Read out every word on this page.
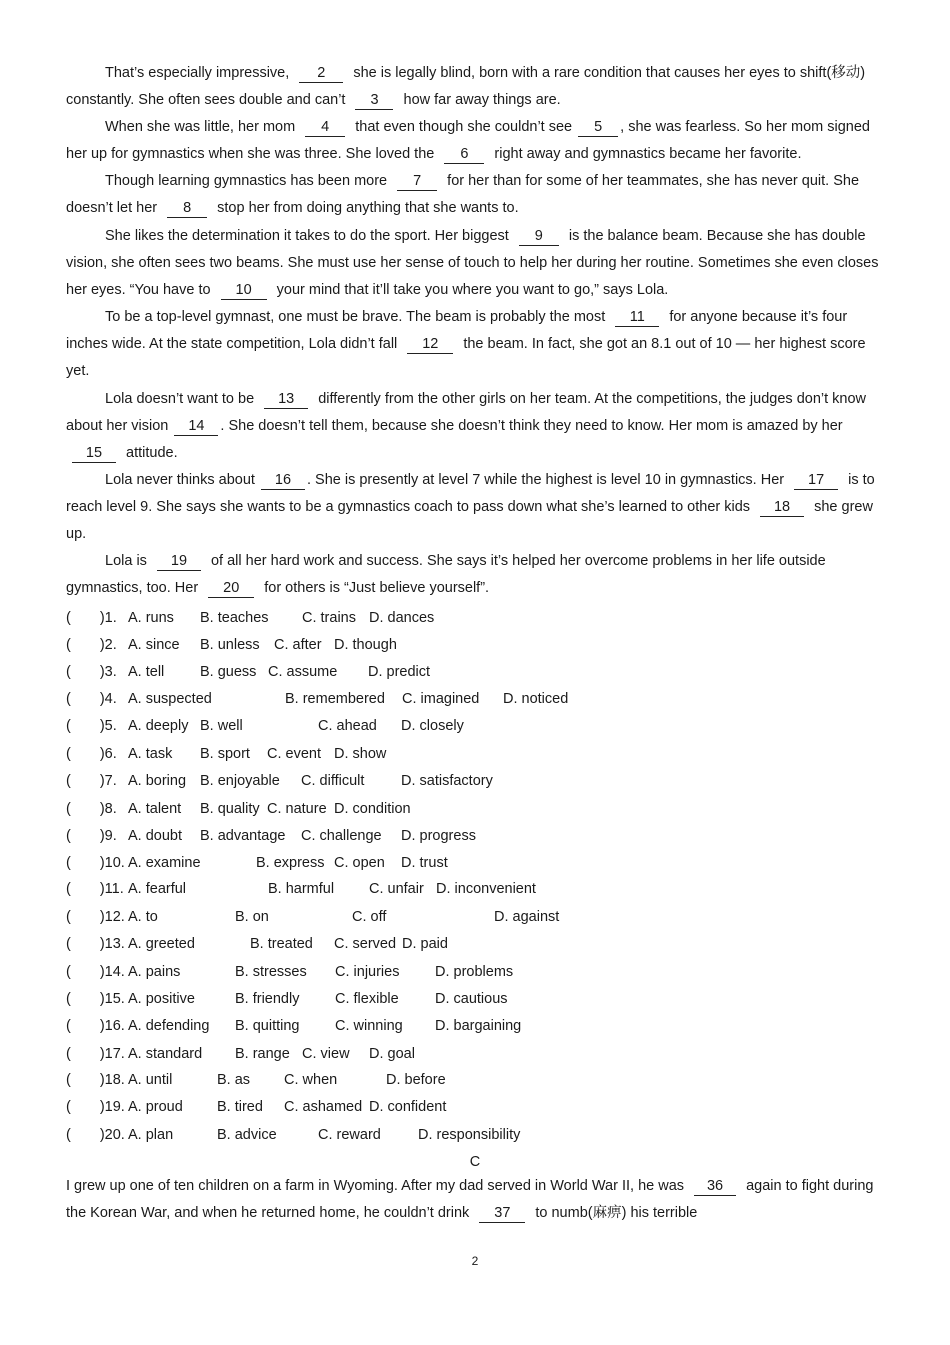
That’s especially impressive, 2 she is legally blind, born with a rare condition that causes her eyes to shift(移动) constantly. She often sees double and can’t 3 how far away things are.

When she was little, her mom 4 that even though she couldn’t see 5 , she was fearless. So her mom signed her up for gymnastics when she was three. She loved the 6 right away and gymnastics became her favorite.

Though learning gymnastics has been more 7 for her than for some of her teammates, she has never quit. She doesn’t let her 8 stop her from doing anything that she wants to.

She likes the determination it takes to do the sport. Her biggest 9 is the balance beam. Because she has double vision, she often sees two beams. She must use her sense of touch to help her during her routine. Sometimes she even closes her eyes. “You have to 10 your mind that it’ll take you where you want to go,” says Lola.

To be a top-level gymnast, one must be brave. The beam is probably the most 11 for anyone because it’s four inches wide. At the state competition, Lola didn’t fall 12 the beam. In fact, she got an 8.1 out of 10 — her highest score yet.

Lola doesn’t want to be 13 differently from the other girls on her team. At the competitions, the judges don’t know about her vision 14 . She doesn’t tell them, because she doesn’t think they need to know. Her mom is amazed by her 15 attitude.

Lola never thinks about 16 . She is presently at level 7 while the highest is level 10 in gymnastics. Her 17 is to reach level 9. She says she wants to be a gymnastics coach to pass down what she’s learned to other kids 18 she grew up.

Lola is 19 of all her hard work and success. She says it’s helped her overcome problems in her life outside gymnastics, too. Her 20 for others is “Just believe yourself”.

(　　)1. A. runs B. teaches C. trains D. dances
(　　)2. A. since B. unless C. after D. though
(　　)3. A. tell B. guess C. assume D. predict
(　　)4. A. suspected	B. remembered C. imagined D. noticed
(　　)5. A. deeply B. well	C. ahead D. closely
(　　)6. A. task B. sport C. event D. show
(　　)7. A. boring B. enjoyable C. difficult	D. satisfactory
(　　)8. A. talent B. quality C. nature D. condition
(　　)9. A. doubt B. advantage C. challenge D. progress
(　　)10. A. examine	B. express C. open D. trust
(　　)11. A. fearful	B. harmful C. unfair D. inconvenient
(　　)12. A. to	B. on	C. off	D. against
(　　)13. A. greeted	B. treated C. served D. paid
(　　)14. A. pains	B. stresses C. injuries D. problems
(　　)15. A. positive	B. friendly C. flexible	D. cautious
(　　)16. A. defending B. quitting C. winning D. bargaining
(　　)17. A. standard B. range C. view D. goal
(　　)18. A. until	B. as C. when	D. before
(　　)19. A. proud B. tired C. ashamed D. confident
(　　)20. A. plan	B. advice	C. reward	D. responsibility
C

I grew up one of ten children on a farm in Wyoming. After my dad served in World War II, he was 36 again to fight during the Korean War, and when he returned home, he couldn’t drink 37 to numb(麻痹) his terrible

2
